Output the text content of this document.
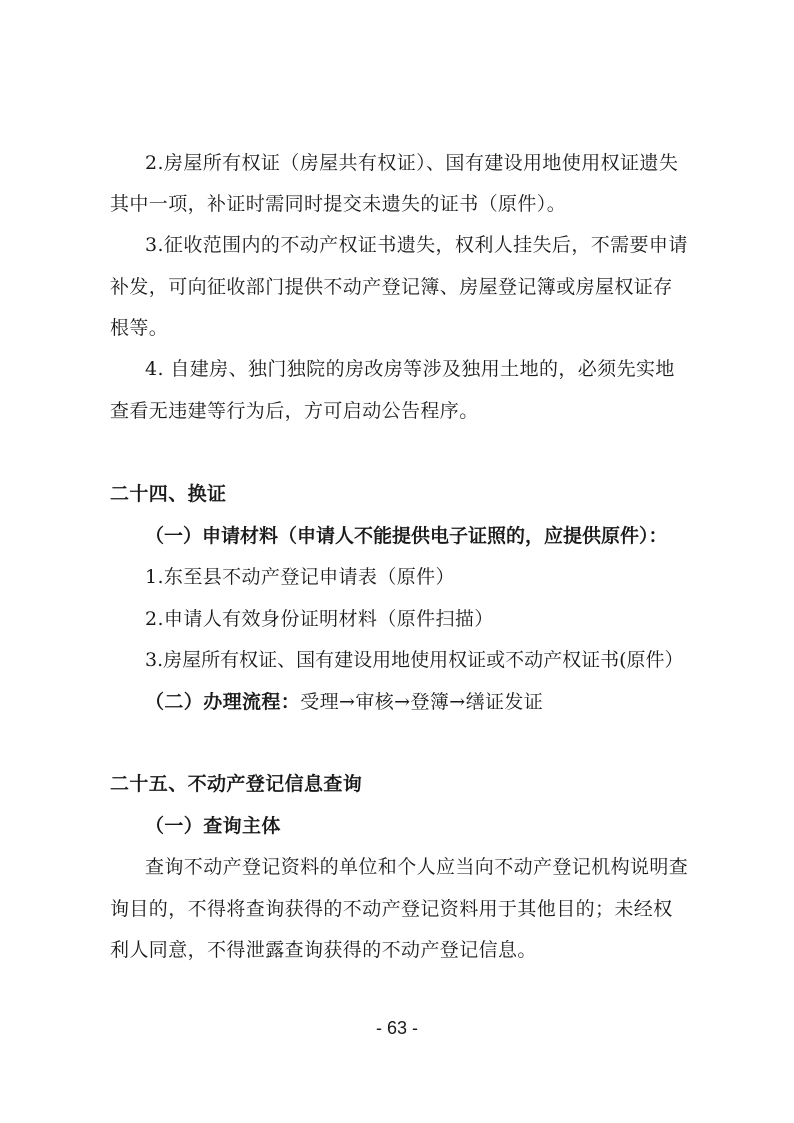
2.房屋所有权证（房屋共有权证）、国有建设用地使用权证遗失
其中一项，补证时需同时提交未遗失的证书（原件）。
3.征收范围内的不动产权证书遗失，权利人挂失后，不需要申请
补发，可向征收部门提供不动产登记簿、房屋登记簿或房屋权证存
根等。
4. 自建房、独门独院的房改房等涉及独用土地的，必须先实地
查看无违建等行为后，方可启动公告程序。
二十四、换证
（一）申请材料（申请人不能提供电子证照的，应提供原件）：
1.东至县不动产登记申请表（原件）
2.申请人有效身份证明材料（原件扫描）
3.房屋所有权证、国有建设用地使用权证或不动产权证书(原件）
（二）办理流程：受理→审核→登簿→缮证发证
二十五、不动产登记信息查询
（一）查询主体
查询不动产登记资料的单位和个人应当向不动产登记机构说明查
询目的，不得将查询获得的不动产登记资料用于其他目的；未经权
利人同意，不得泄露查询获得的不动产登记信息。
- 63 -
